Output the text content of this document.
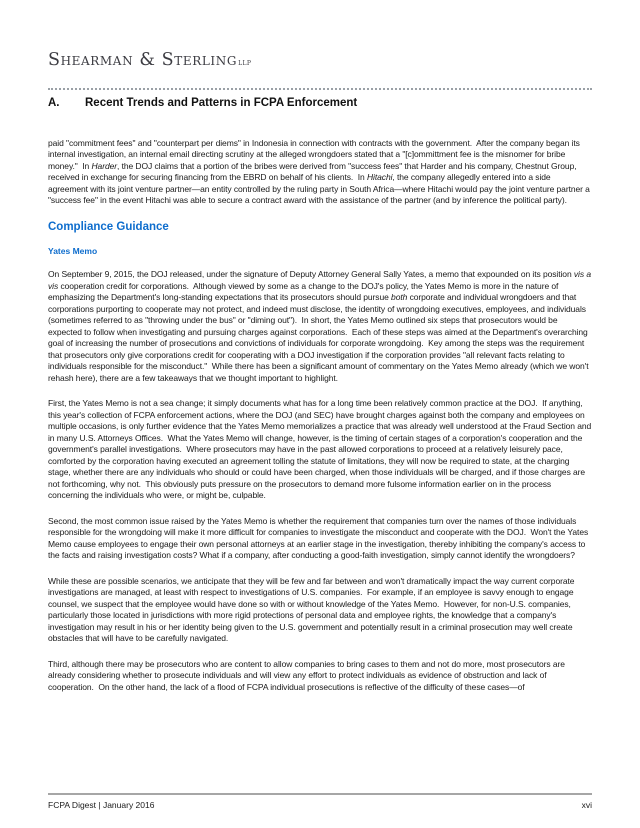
Shearman & Sterlingllp
A.	Recent Trends and Patterns in FCPA Enforcement

paid "commitment fees" and "counterpart per diems" in Indonesia in connection with contracts with the government.  After the company began its internal investigation, an internal email directing scrutiny at the alleged wrongdoers stated that a "[c]ommittment fee is the misnomer for bribe money."  In Harder, the DOJ claims that a portion of the bribes were derived from "success fees" that Harder and his company, Chestnut Group, received in exchange for securing financing from the EBRD on behalf of his clients.  In Hitachi, the company allegedly entered into a side agreement with its joint venture partner—an entity controlled by the ruling party in South Africa—where Hitachi would pay the joint venture partner a "success fee" in the event Hitachi was able to secure a contract award with the assistance of the partner (and by inference the political party).

Compliance Guidance
Yates Memo

On September 9, 2015, the DOJ released, under the signature of Deputy Attorney General Sally Yates, a memo that expounded on its position vis a vis cooperation credit for corporations.  Although viewed by some as a change to the DOJ's policy, the Yates Memo is more in the nature of emphasizing the Department's long-standing expectations that its prosecutors should pursue both corporate and individual wrongdoers and that corporations purporting to cooperate may not protect, and indeed must disclose, the identity of wrongdoing executives, employees, and individuals (sometimes referred to as "throwing under the bus" or "diming out").  In short, the Yates Memo outlined six steps that prosecutors would be expected to follow when investigating and pursuing charges against corporations.  Each of these steps was aimed at the Department's overarching goal of increasing the number of prosecutions and convictions of individuals for corporate wrongdoing.  Key among the steps was the requirement that prosecutors only give corporations credit for cooperating with a DOJ investigation if the corporation provides "all relevant facts relating to individuals responsible for the misconduct."  While there has been a significant amount of commentary on the Yates Memo already (which we won't rehash here), there are a few takeaways that we thought important to highlight.

First, the Yates Memo is not a sea change; it simply documents what has for a long time been relatively common practice at the DOJ.  If anything, this year's collection of FCPA enforcement actions, where the DOJ (and SEC) have brought charges against both the company and employees on multiple occasions, is only further evidence that the Yates Memo memorializes a practice that was already well understood at the Fraud Section and in many U.S. Attorneys Offices.  What the Yates Memo will change, however, is the timing of certain stages of a corporation's cooperation and the government's parallel investigations.  Where prosecutors may have in the past allowed corporations to proceed at a relatively leisurely pace, comforted by the corporation having executed an agreement tolling the statute of limitations, they will now be required to state, at the charging stage, whether there are any individuals who should or could have been charged, when those individuals will be charged, and if those charges are not forthcoming, why not.  This obviously puts pressure on the prosecutors to demand more fulsome information earlier on in the process concerning the individuals who were, or might be, culpable.

Second, the most common issue raised by the Yates Memo is whether the requirement that companies turn over the names of those individuals responsible for the wrongdoing will make it more difficult for companies to investigate the misconduct and cooperate with the DOJ.  Won't the Yates Memo cause employees to engage their own personal attorneys at an earlier stage in the investigation, thereby inhibiting the company's access to the facts and raising investigation costs? What if a company, after conducting a good-faith investigation, simply cannot identify the wrongdoers?

While these are possible scenarios, we anticipate that they will be few and far between and won't dramatically impact the way current corporate investigations are managed, at least with respect to investigations of U.S. companies.  For example, if an employee is savvy enough to engage counsel, we suspect that the employee would have done so with or without knowledge of the Yates Memo.  However, for non-U.S. companies, particularly those located in jurisdictions with more rigid protections of personal data and employee rights, the knowledge that a company's investigation may result in his or her identity being given to the U.S. government and potentially result in a criminal prosecution may well create obstacles that will have to be carefully navigated.

Third, although there may be prosecutors who are content to allow companies to bring cases to them and not do more, most prosecutors are already considering whether to prosecute individuals and will view any effort to protect individuals as evidence of obstruction and lack of cooperation.  On the other hand, the lack of a flood of FCPA individual prosecutions is reflective of the difficulty of these cases—of

FCPA Digest | January 2016	xvi
